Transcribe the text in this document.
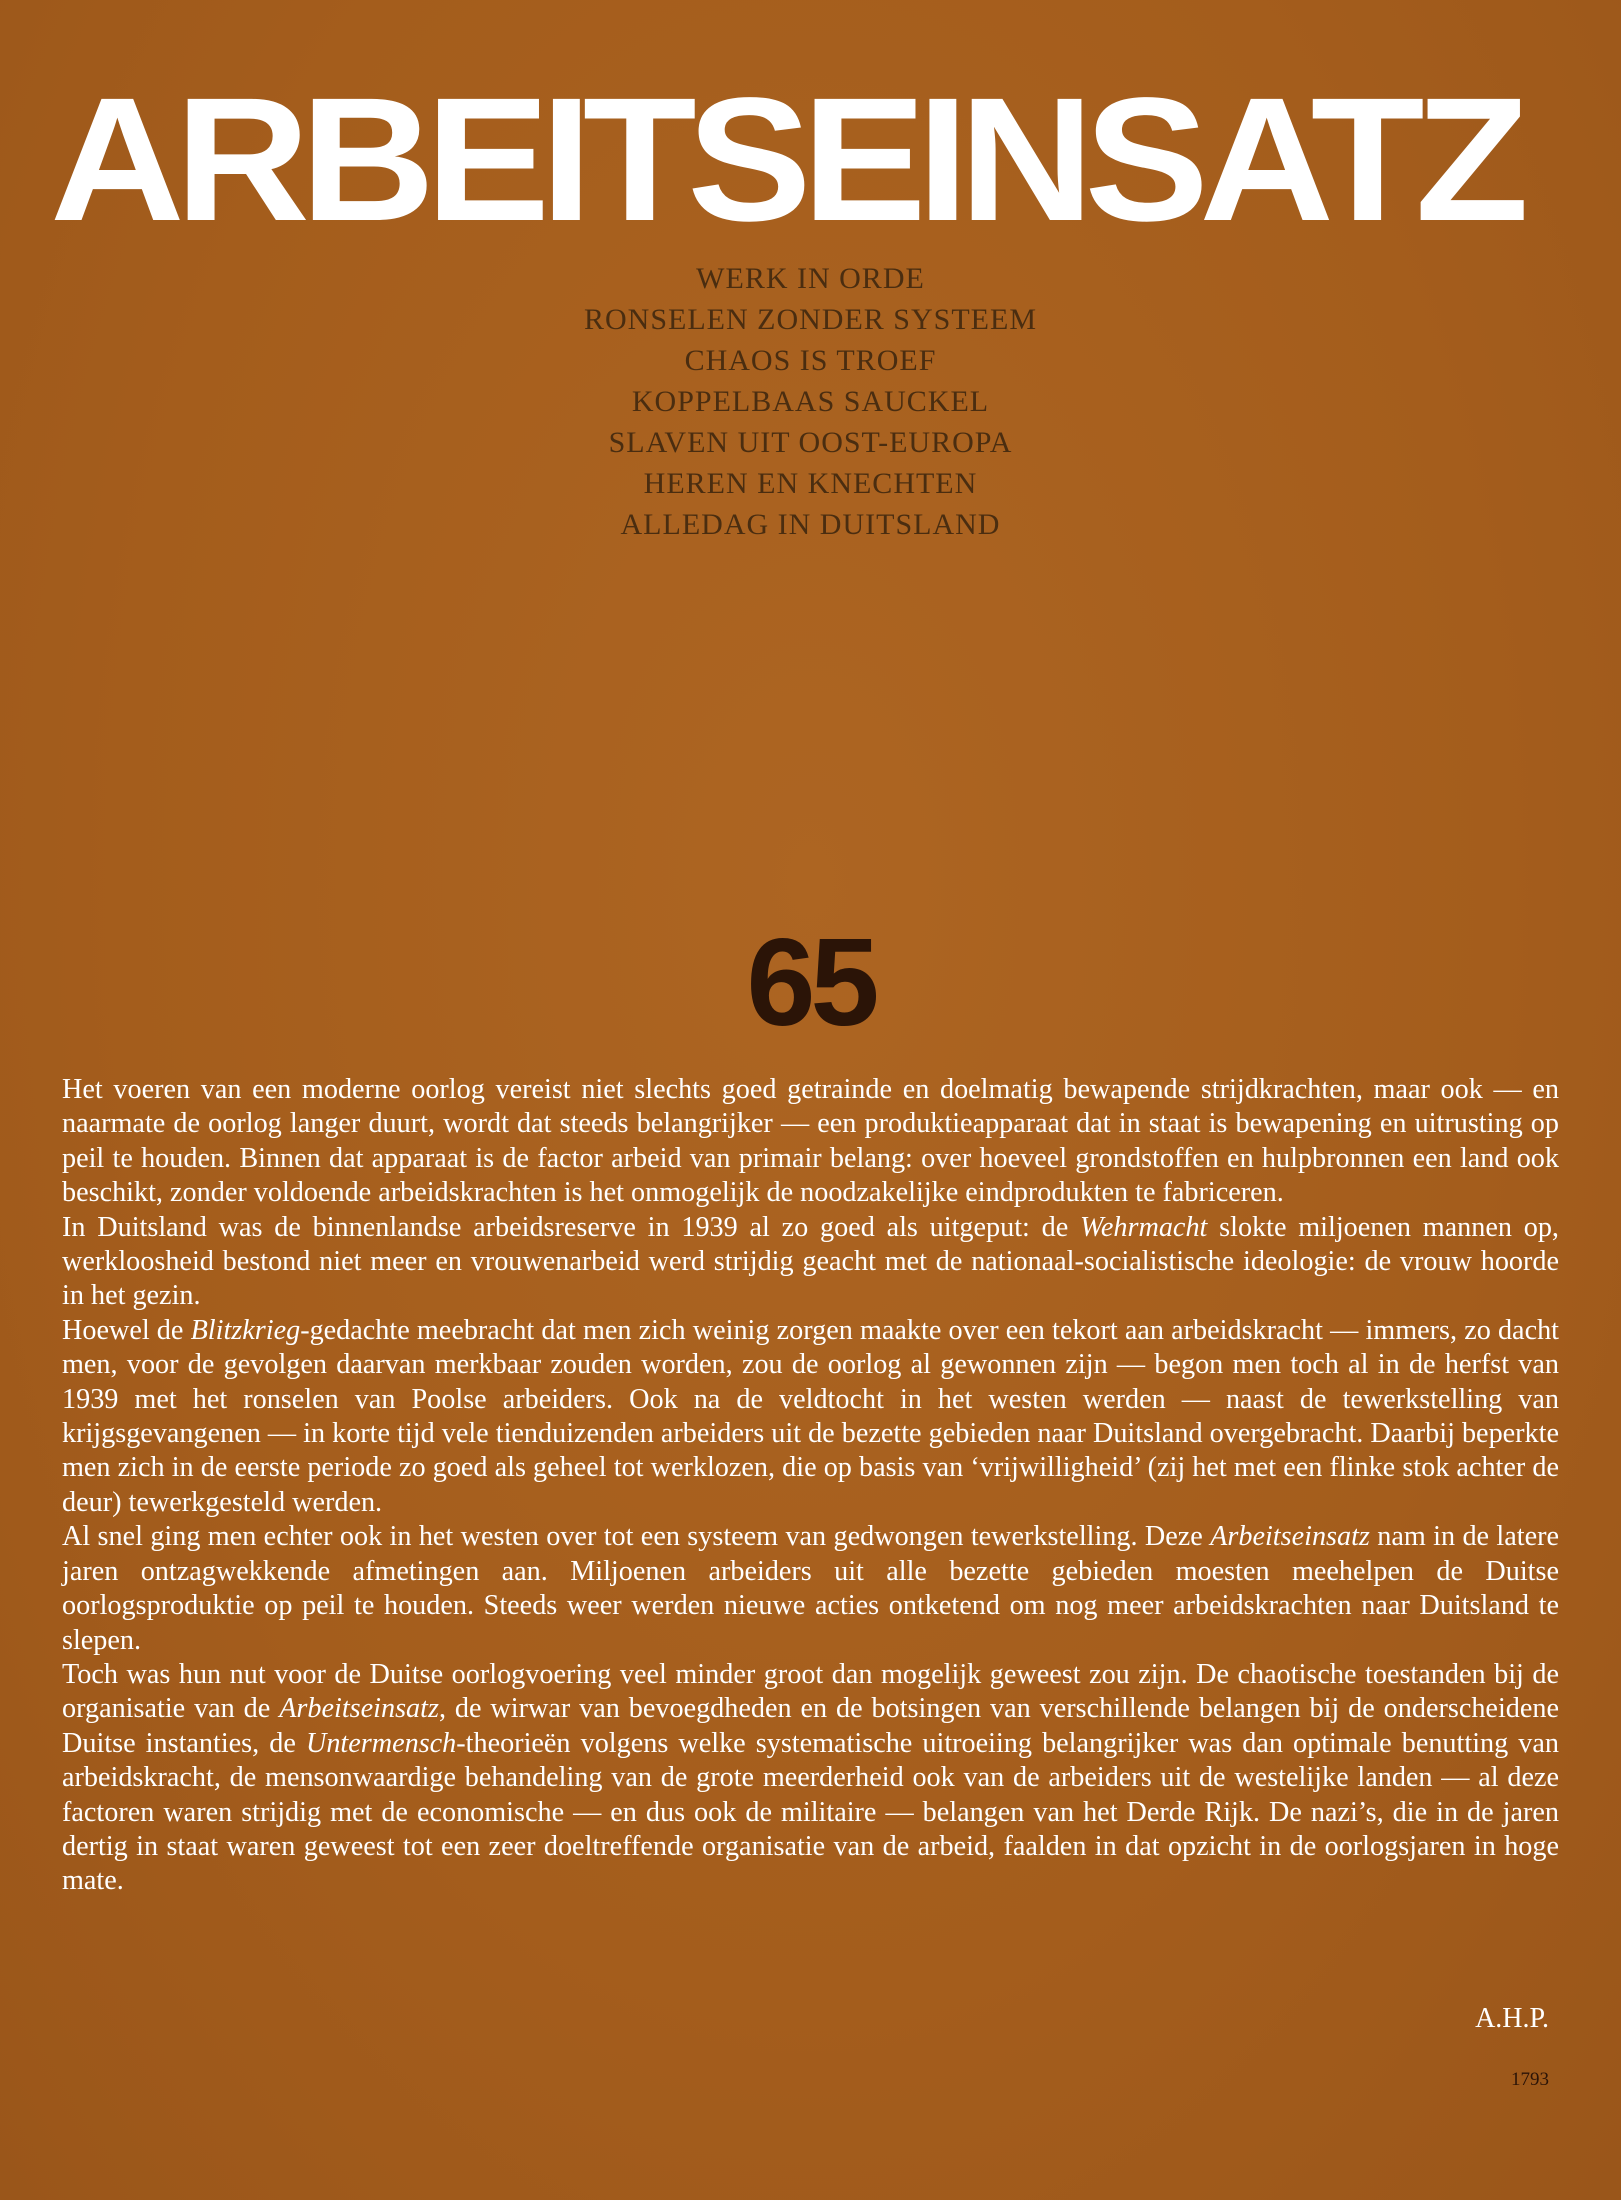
ARBEITSEINSATZ
WERK IN ORDE
RONSELEN ZONDER SYSTEEM
CHAOS IS TROEF
KOPPELBAAS SAUCKEL
SLAVEN UIT OOST-EUROPA
HEREN EN KNECHTEN
ALLEDAG IN DUITSLAND
65

Het voeren van een moderne oorlog vereist niet slechts goed getrainde en doelmatig bewapende strijdkrachten, maar ook — en naarmate de oorlog langer duurt, wordt dat steeds belangrijker — een produktieapparaat dat in staat is bewapening en uitrusting op peil te houden. Binnen dat apparaat is de factor arbeid van primair belang: over hoeveel grondstoffen en hulpbronnen een land ook beschikt, zonder voldoende arbeidskrachten is het onmogelijk de noodzakelijke eindprodukten te fabriceren.

In Duitsland was de binnenlandse arbeidsreserve in 1939 al zo goed als uitgeput: de Wehrmacht slokte miljoenen mannen op, werkloosheid bestond niet meer en vrouwenarbeid werd strijdig geacht met de nationaal-socialistische ideologie: de vrouw hoorde in het gezin.

Hoewel de Blitzkrieg-gedachte meebracht dat men zich weinig zorgen maakte over een tekort aan arbeidskracht — immers, zo dacht men, voor de gevolgen daarvan merkbaar zouden worden, zou de oorlog al gewonnen zijn — begon men toch al in de herfst van 1939 met het ronselen van Poolse arbeiders. Ook na de veldtocht in het westen werden — naast de tewerkstelling van krijgsgevangenen — in korte tijd vele tienduizenden arbeiders uit de bezette gebieden naar Duitsland overgebracht. Daarbij beperkte men zich in de eerste periode zo goed als geheel tot werklozen, die op basis van ‘vrijwilligheid’ (zij het met een flinke stok achter de deur) tewerkgesteld werden.

Al snel ging men echter ook in het westen over tot een systeem van gedwongen tewerkstelling. Deze Arbeitseinsatz nam in de latere jaren ontzagwekkende afmetingen aan. Miljoenen arbeiders uit alle bezette gebieden moesten meehelpen de Duitse oorlogsproduktie op peil te houden. Steeds weer werden nieuwe acties ontketend om nog meer arbeidskrachten naar Duitsland te slepen.

Toch was hun nut voor de Duitse oorlogvoering veel minder groot dan mogelijk geweest zou zijn. De chaotische toestanden bij de organisatie van de Arbeitseinsatz, de wirwar van bevoegdheden en de botsingen van verschillende belangen bij de onderscheidene Duitse instanties, de Untermensch-theorieën volgens welke systematische uitroeiing belangrijker was dan optimale benutting van arbeidskracht, de mensonwaardige behandeling van de grote meerderheid ook van de arbeiders uit de westelijke landen — al deze factoren waren strijdig met de economische — en dus ook de militaire — belangen van het Derde Rijk. De nazi’s, die in de jaren dertig in staat waren geweest tot een zeer doeltreffende organisatie van de arbeid, faalden in dat opzicht in de oorlogsjaren in hoge mate.

A.H.P.
1793
